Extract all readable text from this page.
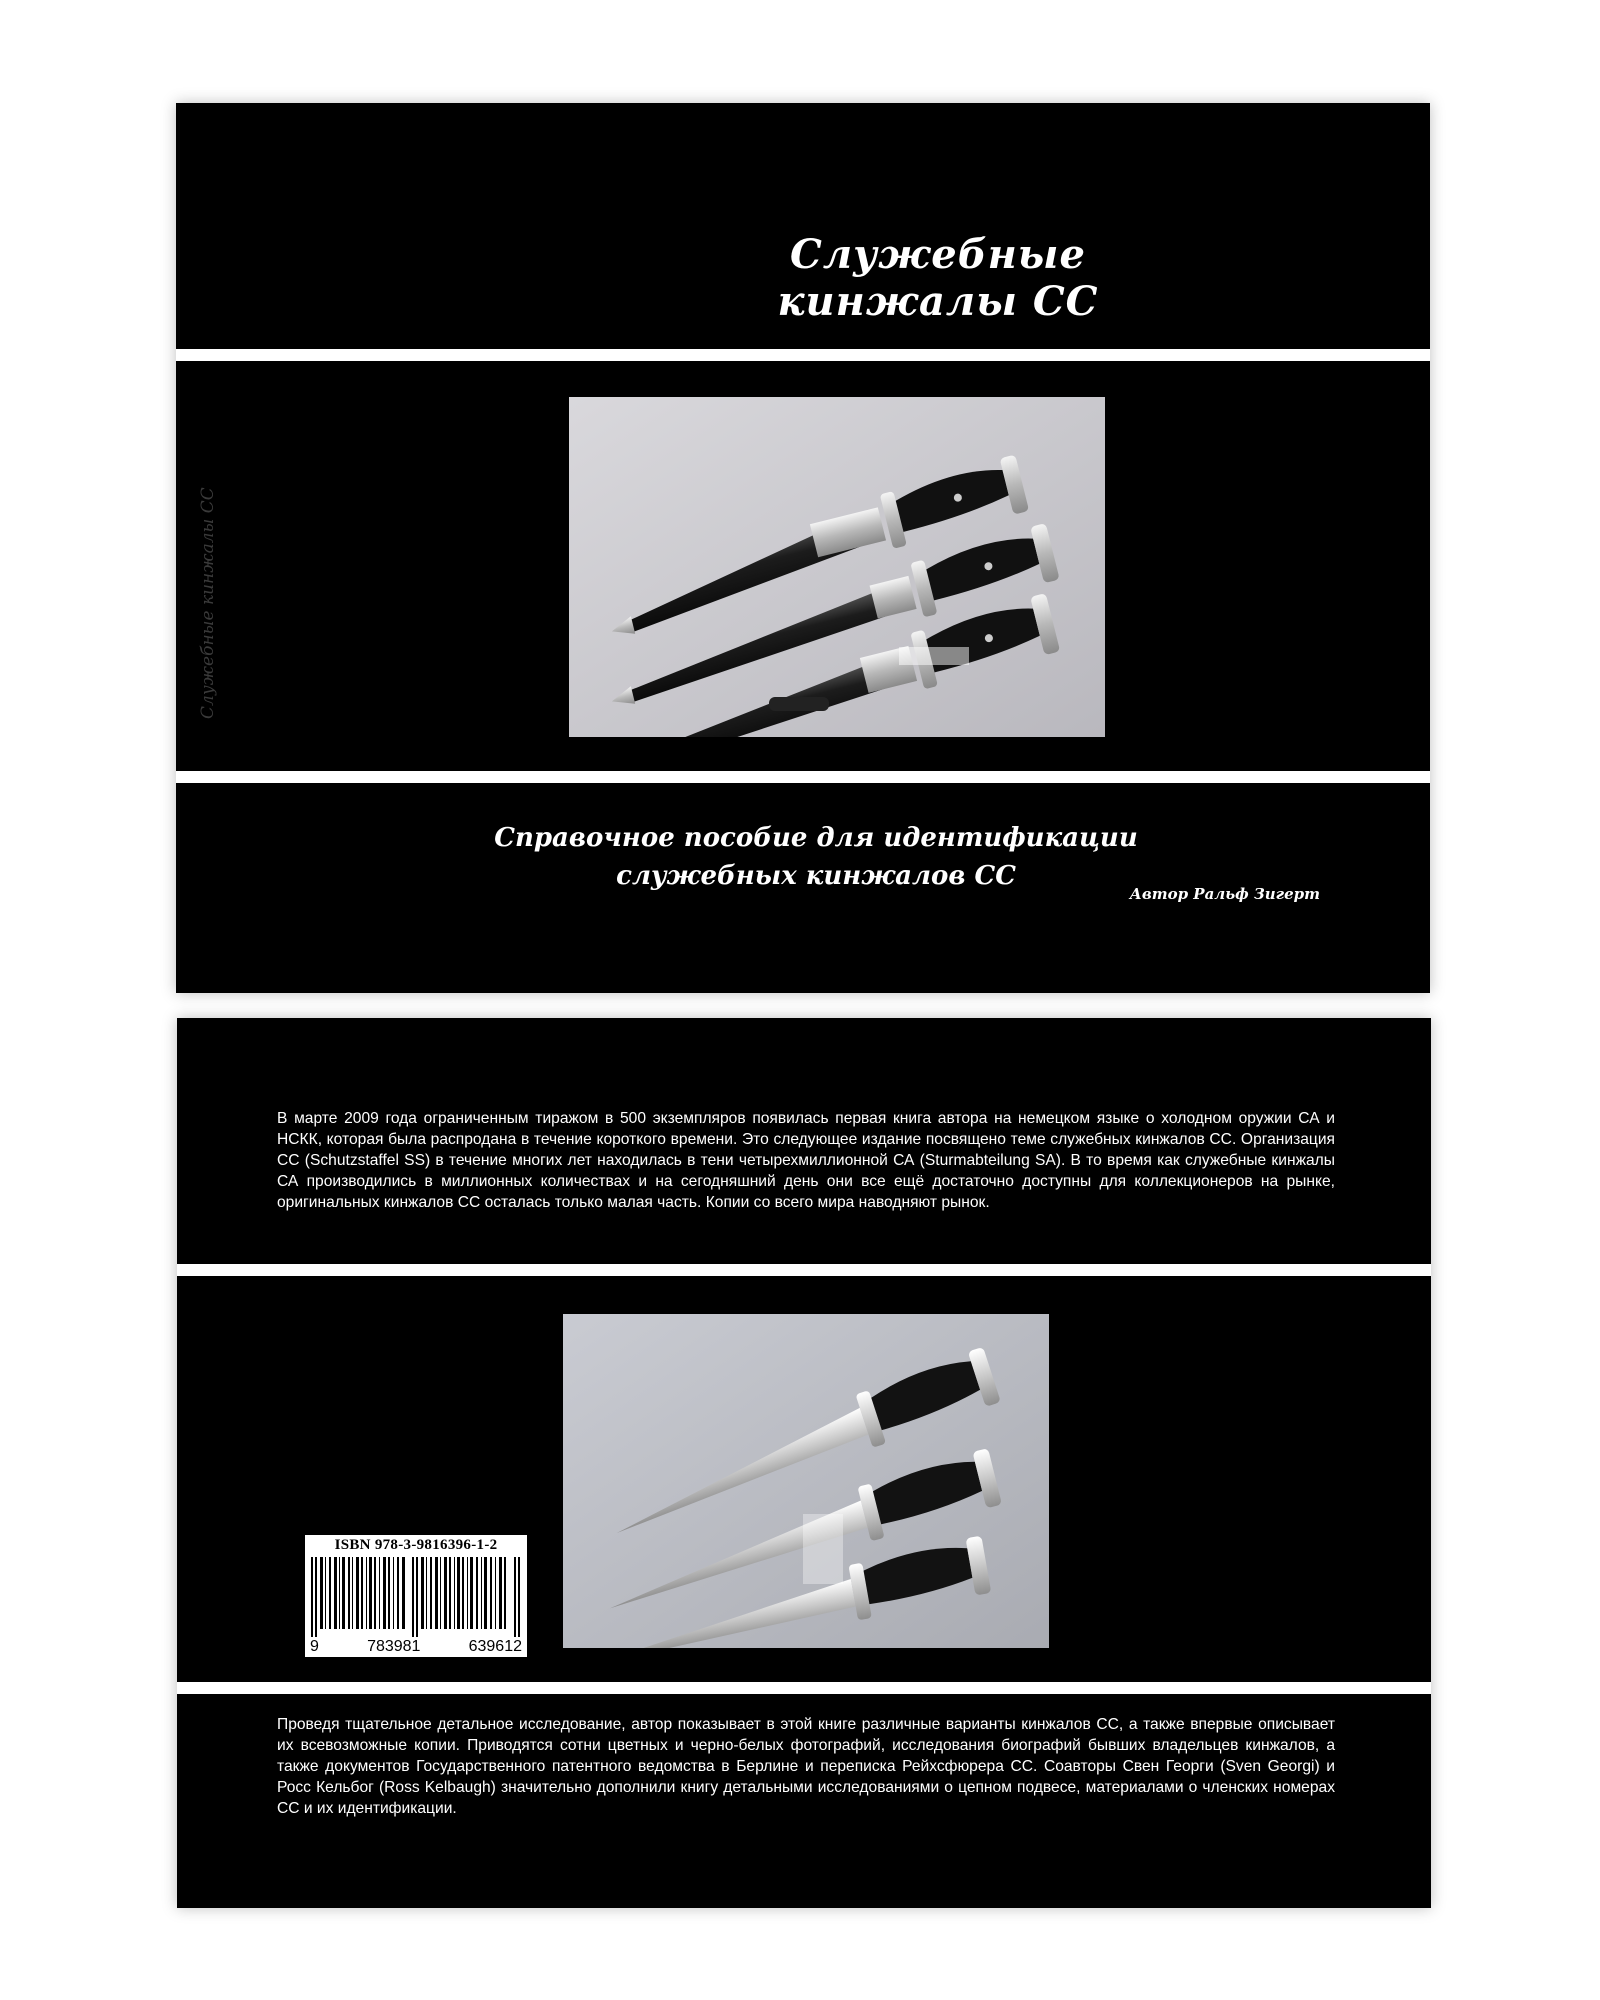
Служебные кинжалы СС
Служебные кинжалы СС
Справочное пособие для идентификации
служебных кинжалов СС
Автор Ральф Зигерт

В марте 2009 года ограниченным тиражом в 500 экземпляров появилась первая книга автора на немецком языке о холодном оружии СА и НСКК, которая была распродана в течение короткого времени. Это следующее издание посвящено теме служебных кинжалов СС. Организация СС (Schutzstaffel SS) в течение многих лет находилась в тени четырехмиллионной СА (Sturmabteilung SA). В то время как служебные кинжалы СА производились в миллионных количествах и на сегодняшний день они все ещё достаточно доступны для коллекционеров на рынке, оригинальных кинжалов СС осталась только малая часть. Копии со всего мира наводняют рынок.

ISBN 978-3-9816396-1-2
9	783981	639612

Проведя тщательное детальное исследование, автор показывает в этой книге различные варианты кинжалов СС, а также впервые описывает их всевозможные копии. Приводятся сотни цветных и черно-белых фотографий, исследования биографий бывших владельцев кинжалов, а также документов Государственного патентного ведомства в Берлине и переписка Рейхсфюрера СС. Соавторы Свен Георги (Sven Georgi) и Росс Кельбог (Ross Kelbaugh) значительно дополнили книгу детальными исследованиями о цепном подвесе, материалами о членских номерах СС и их идентификации.
